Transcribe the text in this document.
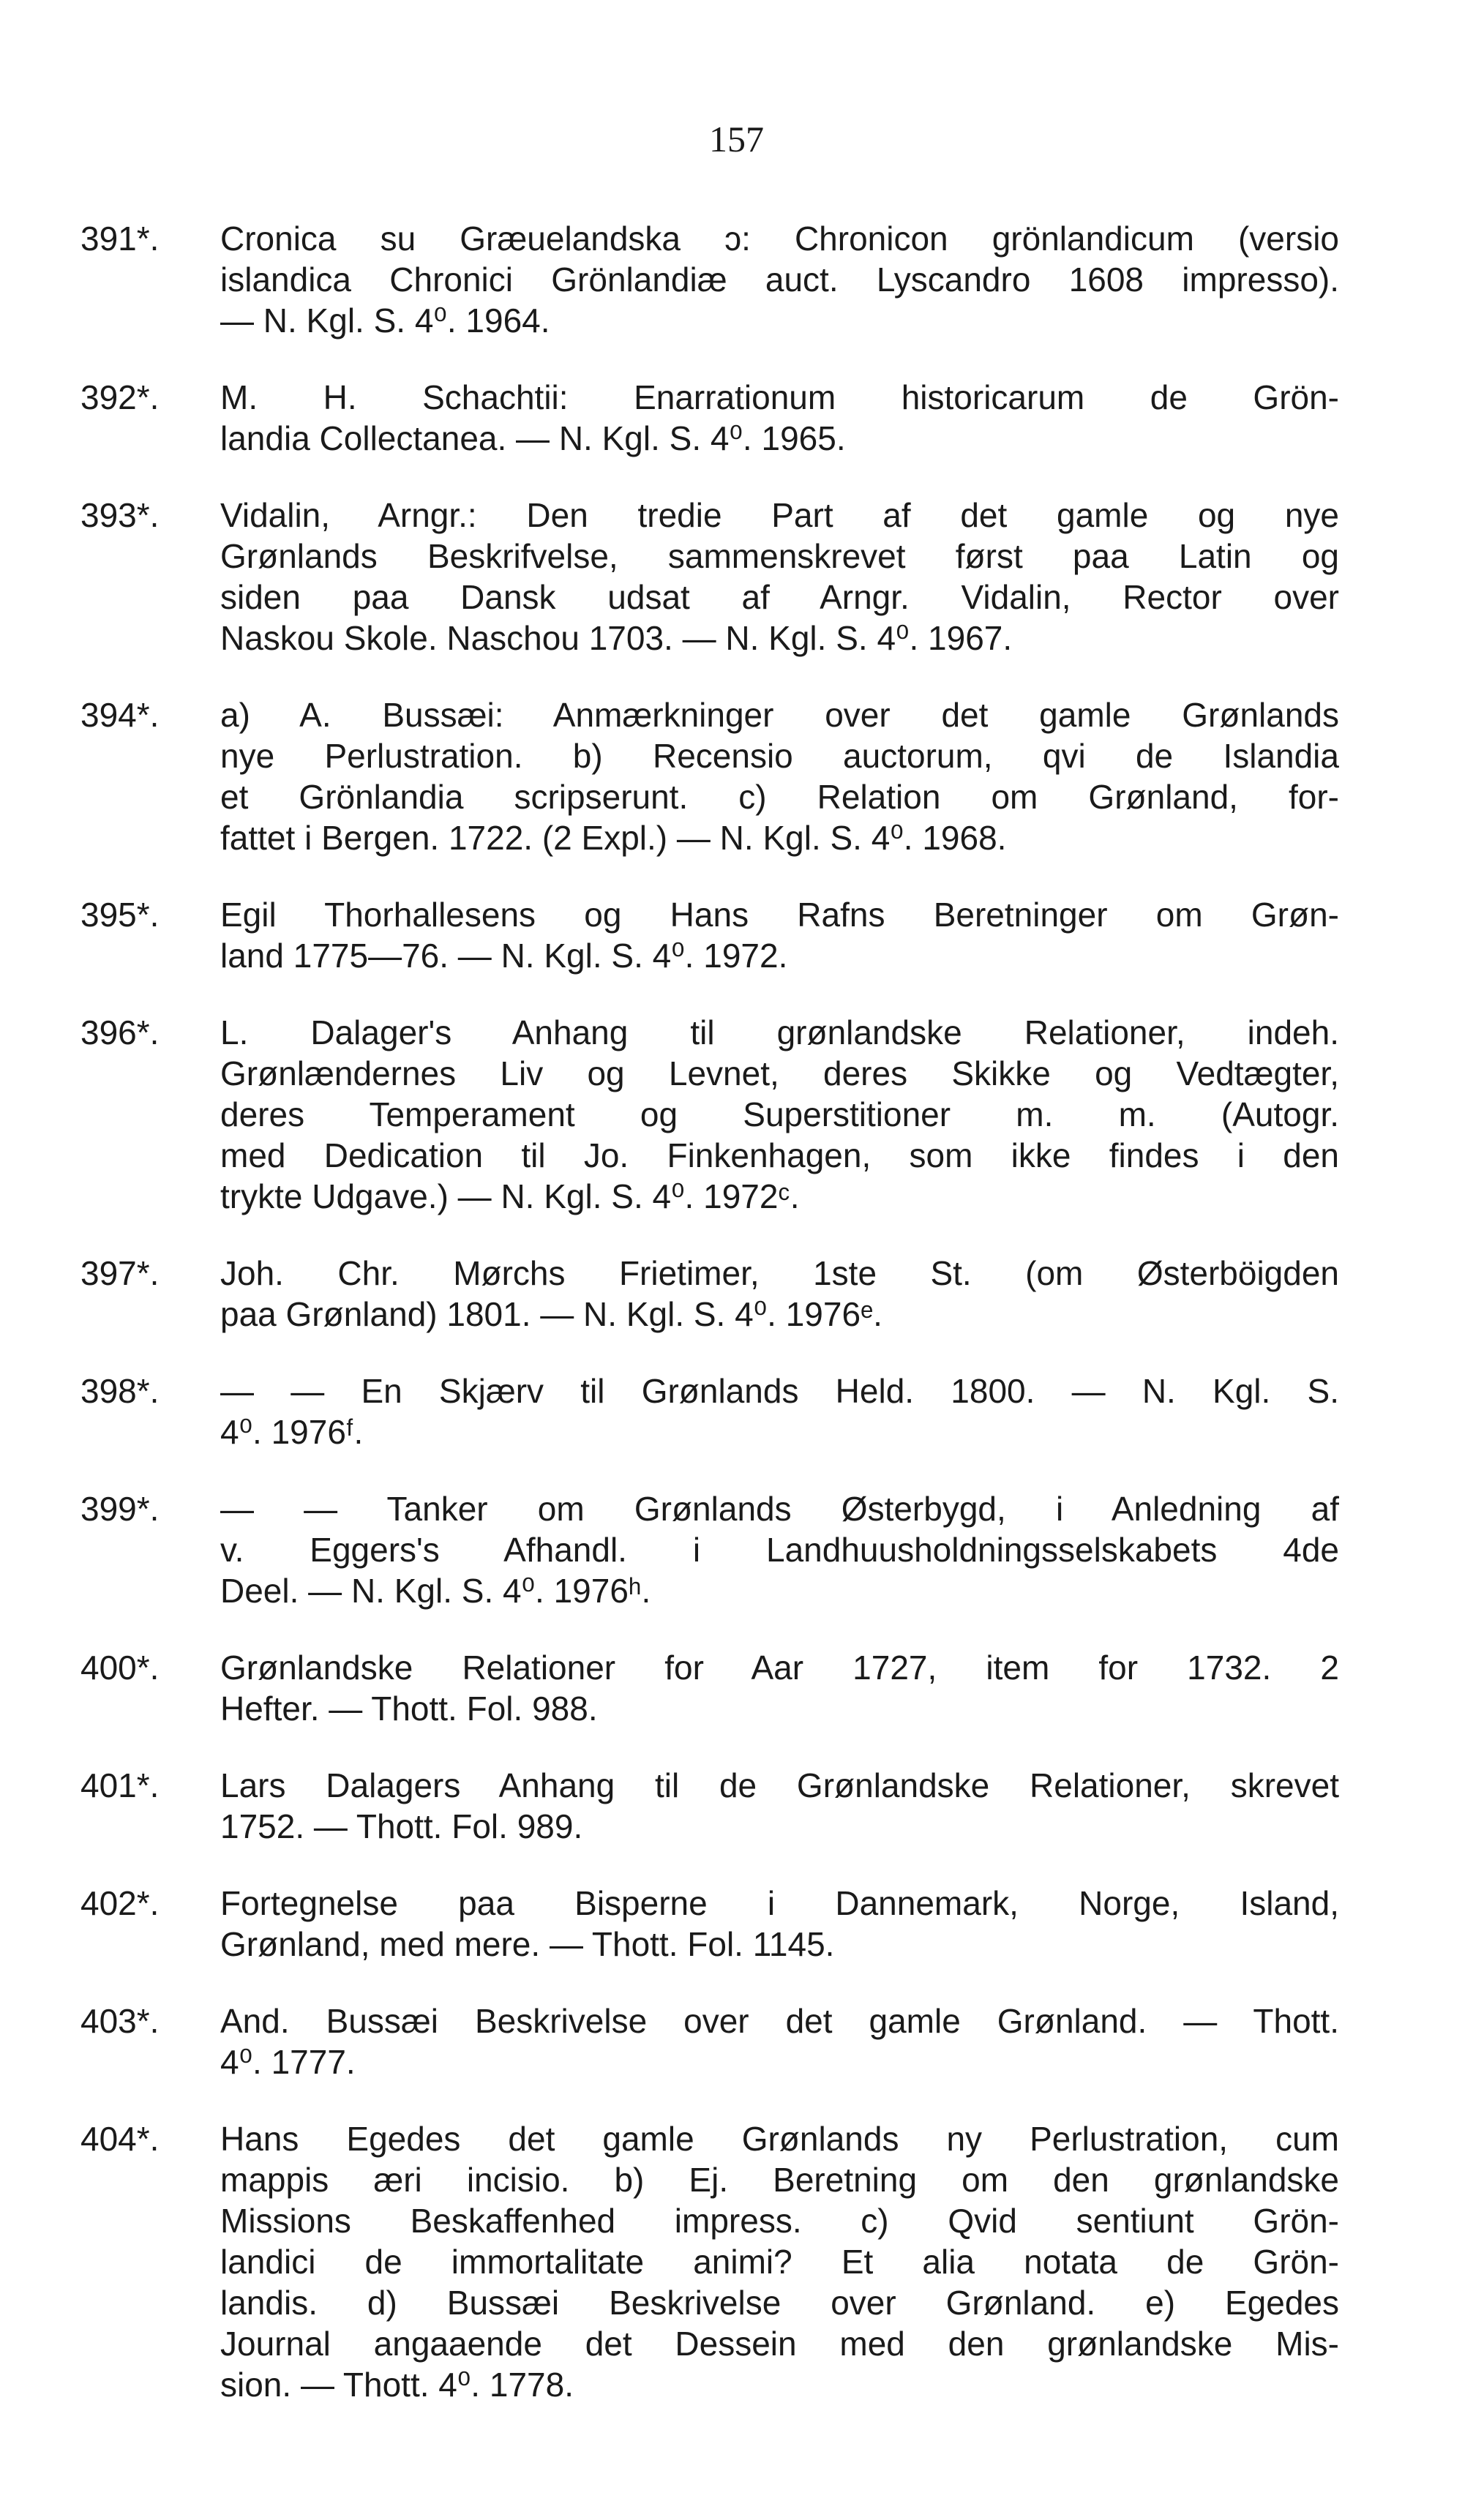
157
391*.	Cronica su Græuelandska ɔ: Chronicon grönlandicum (versio
islandica Chronici Grönlandiæ auct. Lyscandro 1608 impresso).
— N. Kgl. S. 4⁰. 1964.
392*.	M. H. Schachtii: Enarrationum historicarum de Grön-
landia Collectanea. — N. Kgl. S. 4⁰. 1965.
393*.	Vidalin, Arngr.: Den tredie Part af det gamle og nye
Grønlands Beskrifvelse, sammenskrevet først paa Latin og
siden paa Dansk udsat af Arngr. Vidalin, Rector over
Naskou Skole. Naschou 1703. — N. Kgl. S. 4⁰. 1967.
394*.	a) A. Bussæi: Anmærkninger over det gamle Grønlands
nye Perlustration. b) Recensio auctorum, qvi de Islandia
et Grönlandia scripserunt. c) Relation om Grønland, for-
fattet i Bergen. 1722. (2 Expl.) — N. Kgl. S. 4⁰. 1968.
395*.	Egil Thorhallesens og Hans Rafns Beretninger om Grøn-
land 1775—76. — N. Kgl. S. 4⁰. 1972.
396*.	L. Dalager's Anhang til grønlandske Relationer, indeh.
Grønlændernes Liv og Levnet, deres Skikke og Vedtægter,
deres Temperament og Superstitioner m. m. (Autogr.
med Dedication til Jo. Finkenhagen, som ikke findes i den
trykte Udgave.) — N. Kgl. S. 4⁰. 1972ᶜ.
397*.	Joh. Chr. Mørchs Frietimer, 1ste St. (om Østerböigden
paa Grønland) 1801. — N. Kgl. S. 4⁰. 1976ᵉ.
398*.	— — En Skjærv til Grønlands Held. 1800. — N. Kgl. S.
4⁰. 1976ᶠ.
399*.	— — Tanker om Grønlands Østerbygd, i Anledning af
v. Eggers's Afhandl. i Landhuusholdningsselskabets 4de
Deel. — N. Kgl. S. 4⁰. 1976ʰ.
400*.	Grønlandske Relationer for Aar 1727, item for 1732. 2
Hefter. — Thott. Fol. 988.
401*.	Lars Dalagers Anhang til de Grønlandske Relationer, skrevet
1752. — Thott. Fol. 989.
402*.	Fortegnelse paa Bisperne i Dannemark, Norge, Island,
Grønland, med mere. — Thott. Fol. 1145.
403*.	And. Bussæi Beskrivelse over det gamle Grønland. — Thott.
4⁰. 1777.
404*.	Hans Egedes det gamle Grønlands ny Perlustration, cum
mappis æri incisio. b) Ej. Beretning om den grønlandske
Missions Beskaffenhed impress. c) Qvid sentiunt Grön-
landici de immortalitate animi? Et alia notata de Grön-
landis. d) Bussæi Beskrivelse over Grønland. e) Egedes
Journal angaaende det Dessein med den grønlandske Mis-
sion. — Thott. 4⁰. 1778.
